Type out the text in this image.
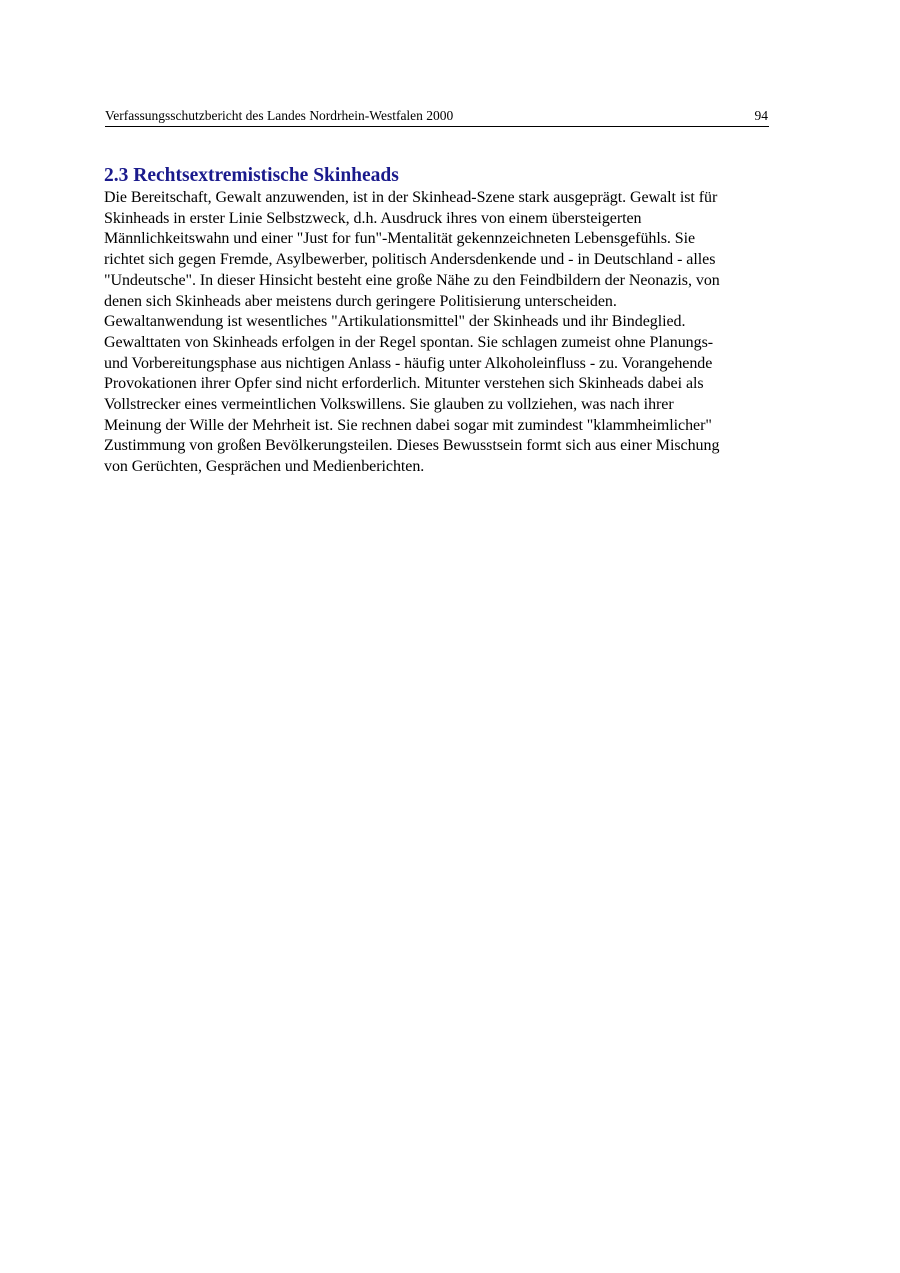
Verfassungsschutzbericht des Landes Nordrhein-Westfalen 2000	94
2.3 Rechtsextremistische Skinheads

Die Bereitschaft, Gewalt anzuwenden, ist in der Skinhead-Szene stark ausgeprägt. Gewalt ist für
Skinheads in erster Linie Selbstzweck, d.h. Ausdruck ihres von einem übersteigerten
Männlichkeitswahn und einer "Just for fun"-Mentalität gekennzeichneten Lebensgefühls. Sie
richtet sich gegen Fremde, Asylbewerber, politisch Andersdenkende und - in Deutschland - alles
"Undeutsche". In dieser Hinsicht besteht eine große Nähe zu den Feindbildern der Neonazis, von
denen sich Skinheads aber meistens durch geringere Politisierung unterscheiden.
Gewaltanwendung ist wesentliches "Artikulationsmittel" der Skinheads und ihr Bindeglied.
Gewalttaten von Skinheads erfolgen in der Regel spontan. Sie schlagen zumeist ohne Planungs-
und Vorbereitungsphase aus nichtigen Anlass - häufig unter Alkoholeinfluss - zu. Vorangehende
Provokationen ihrer Opfer sind nicht erforderlich. Mitunter verstehen sich Skinheads dabei als
Vollstrecker eines vermeintlichen Volkswillens. Sie glauben zu vollziehen, was nach ihrer
Meinung der Wille der Mehrheit ist. Sie rechnen dabei sogar mit zumindest "klammheimlicher"
Zustimmung von großen Bevölkerungsteilen. Dieses Bewusstsein formt sich aus einer Mischung
von Gerüchten, Gesprächen und Medienberichten.
